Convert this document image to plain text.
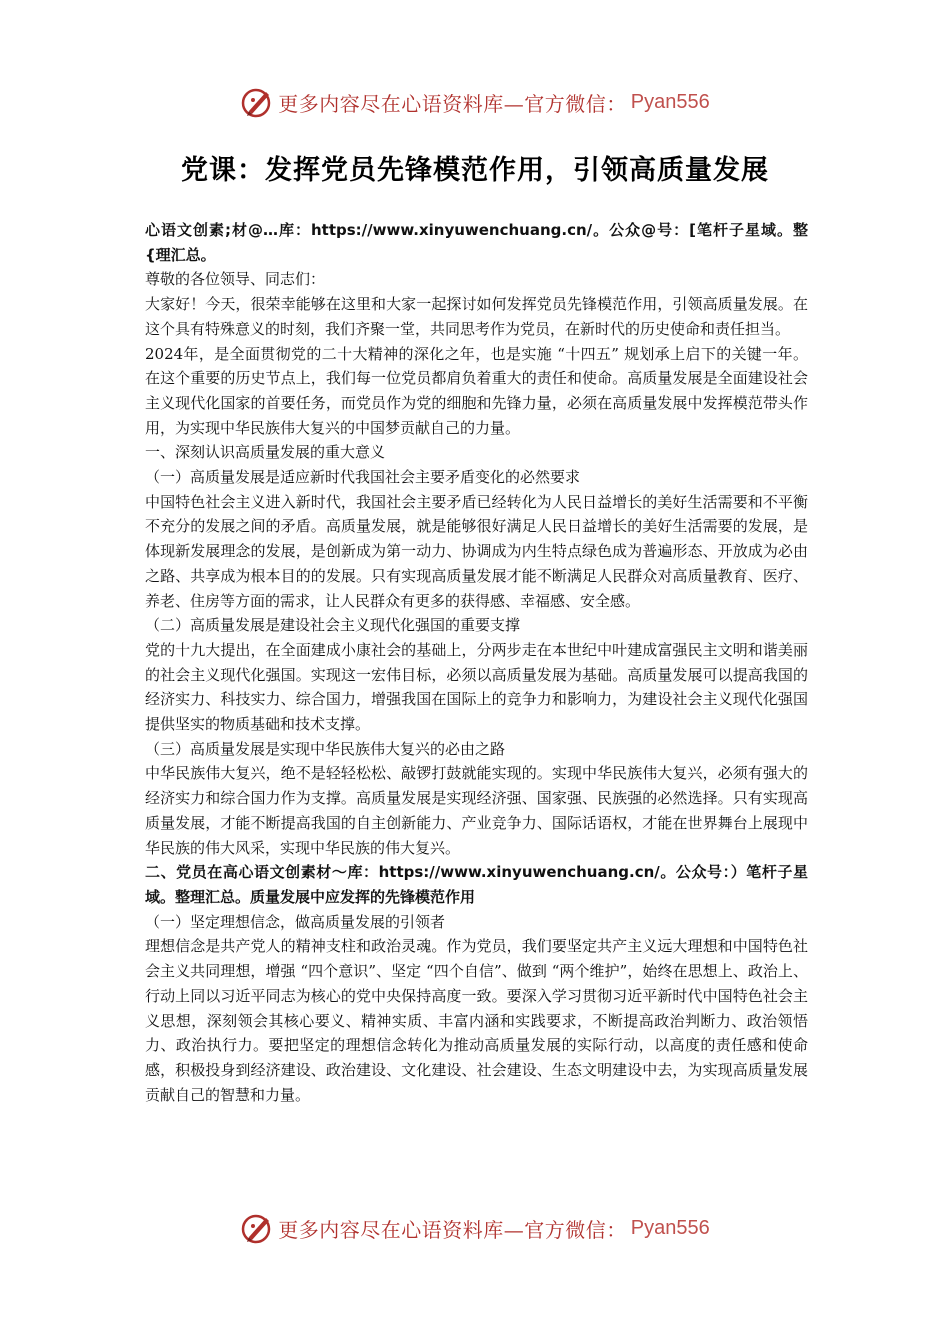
更多内容尽在心语资料库—官方微信： Pyan556
党课：发挥党员先锋模范作用，引领高质量发展

心语文创素;材@…库：https://www.xinyuwenchuang.cn/。公众@号：[笔杆子星域。整{理汇总。

尊敬的各位领导、同志们：

大家好！今天，很荣幸能够在这里和大家一起探讨如何发挥党员先锋模范作用，引领高质量发展。在这个具有特殊意义的时刻，我们齐聚一堂，共同思考作为党员，在新时代的历史使命和责任担当。

2024年，是全面贯彻党的二十大精神的深化之年，也是实施 “十四五” 规划承上启下的关键一年。在这个重要的历史节点上，我们每一位党员都肩负着重大的责任和使命。高质量发展是全面建设社会主义现代化国家的首要任务，而党员作为党的细胞和先锋力量，必须在高质量发展中发挥模范带头作用，为实现中华民族伟大复兴的中国梦贡献自己的力量。

一、深刻认识高质量发展的重大意义

（一）高质量发展是适应新时代我国社会主要矛盾变化的必然要求

中国特色社会主义进入新时代，我国社会主要矛盾已经转化为人民日益增长的美好生活需要和不平衡不充分的发展之间的矛盾。高质量发展，就是能够很好满足人民日益增长的美好生活需要的发展，是体现新发展理念的发展，是创新成为第一动力、协调成为内生特点绿色成为普遍形态、开放成为必由之路、共享成为根本目的的发展。只有实现高质量发展才能不断满足人民群众对高质量教育、医疗、养老、住房等方面的需求，让人民群众有更多的获得感、幸福感、安全感。

（二）高质量发展是建设社会主义现代化强国的重要支撑

党的十九大提出，在全面建成小康社会的基础上，分两步走在本世纪中叶建成富强民主文明和谐美丽的社会主义现代化强国。实现这一宏伟目标，必须以高质量发展为基础。高质量发展可以提高我国的经济实力、科技实力、综合国力，增强我国在国际上的竞争力和影响力，为建设社会主义现代化强国提供坚实的物质基础和技术支撑。

（三）高质量发展是实现中华民族伟大复兴的必由之路

中华民族伟大复兴，绝不是轻轻松松、敲锣打鼓就能实现的。实现中华民族伟大复兴，必须有强大的经济实力和综合国力作为支撑。高质量发展是实现经济强、国家强、民族强的必然选择。只有实现高质量发展，才能不断提高我国的自主创新能力、产业竞争力、国际话语权，才能在世界舞台上展现中华民族的伟大风采，实现中华民族的伟大复兴。

二、党员在高心语文创素材～库：https://www.xinyuwenchuang.cn/。公众号：）笔杆子星域。整理汇总。质量发展中应发挥的先锋模范作用

（一）坚定理想信念，做高质量发展的引领者

理想信念是共产党人的精神支柱和政治灵魂。作为党员，我们要坚定共产主义远大理想和中国特色社会主义共同理想，增强 “四个意识”、坚定 “四个自信”、做到 “两个维护”，始终在思想上、政治上、行动上同以习近平同志为核心的党中央保持高度一致。要深入学习贯彻习近平新时代中国特色社会主义思想，深刻领会其核心要义、精神实质、丰富内涵和实践要求，不断提高政治判断力、政治领悟力、政治执行力。要把坚定的理想信念转化为推动高质量发展的实际行动，以高度的责任感和使命感，积极投身到经济建设、政治建设、文化建设、社会建设、生态文明建设中去，为实现高质量发展贡献自己的智慧和力量。

更多内容尽在心语资料库—官方微信： Pyan556
